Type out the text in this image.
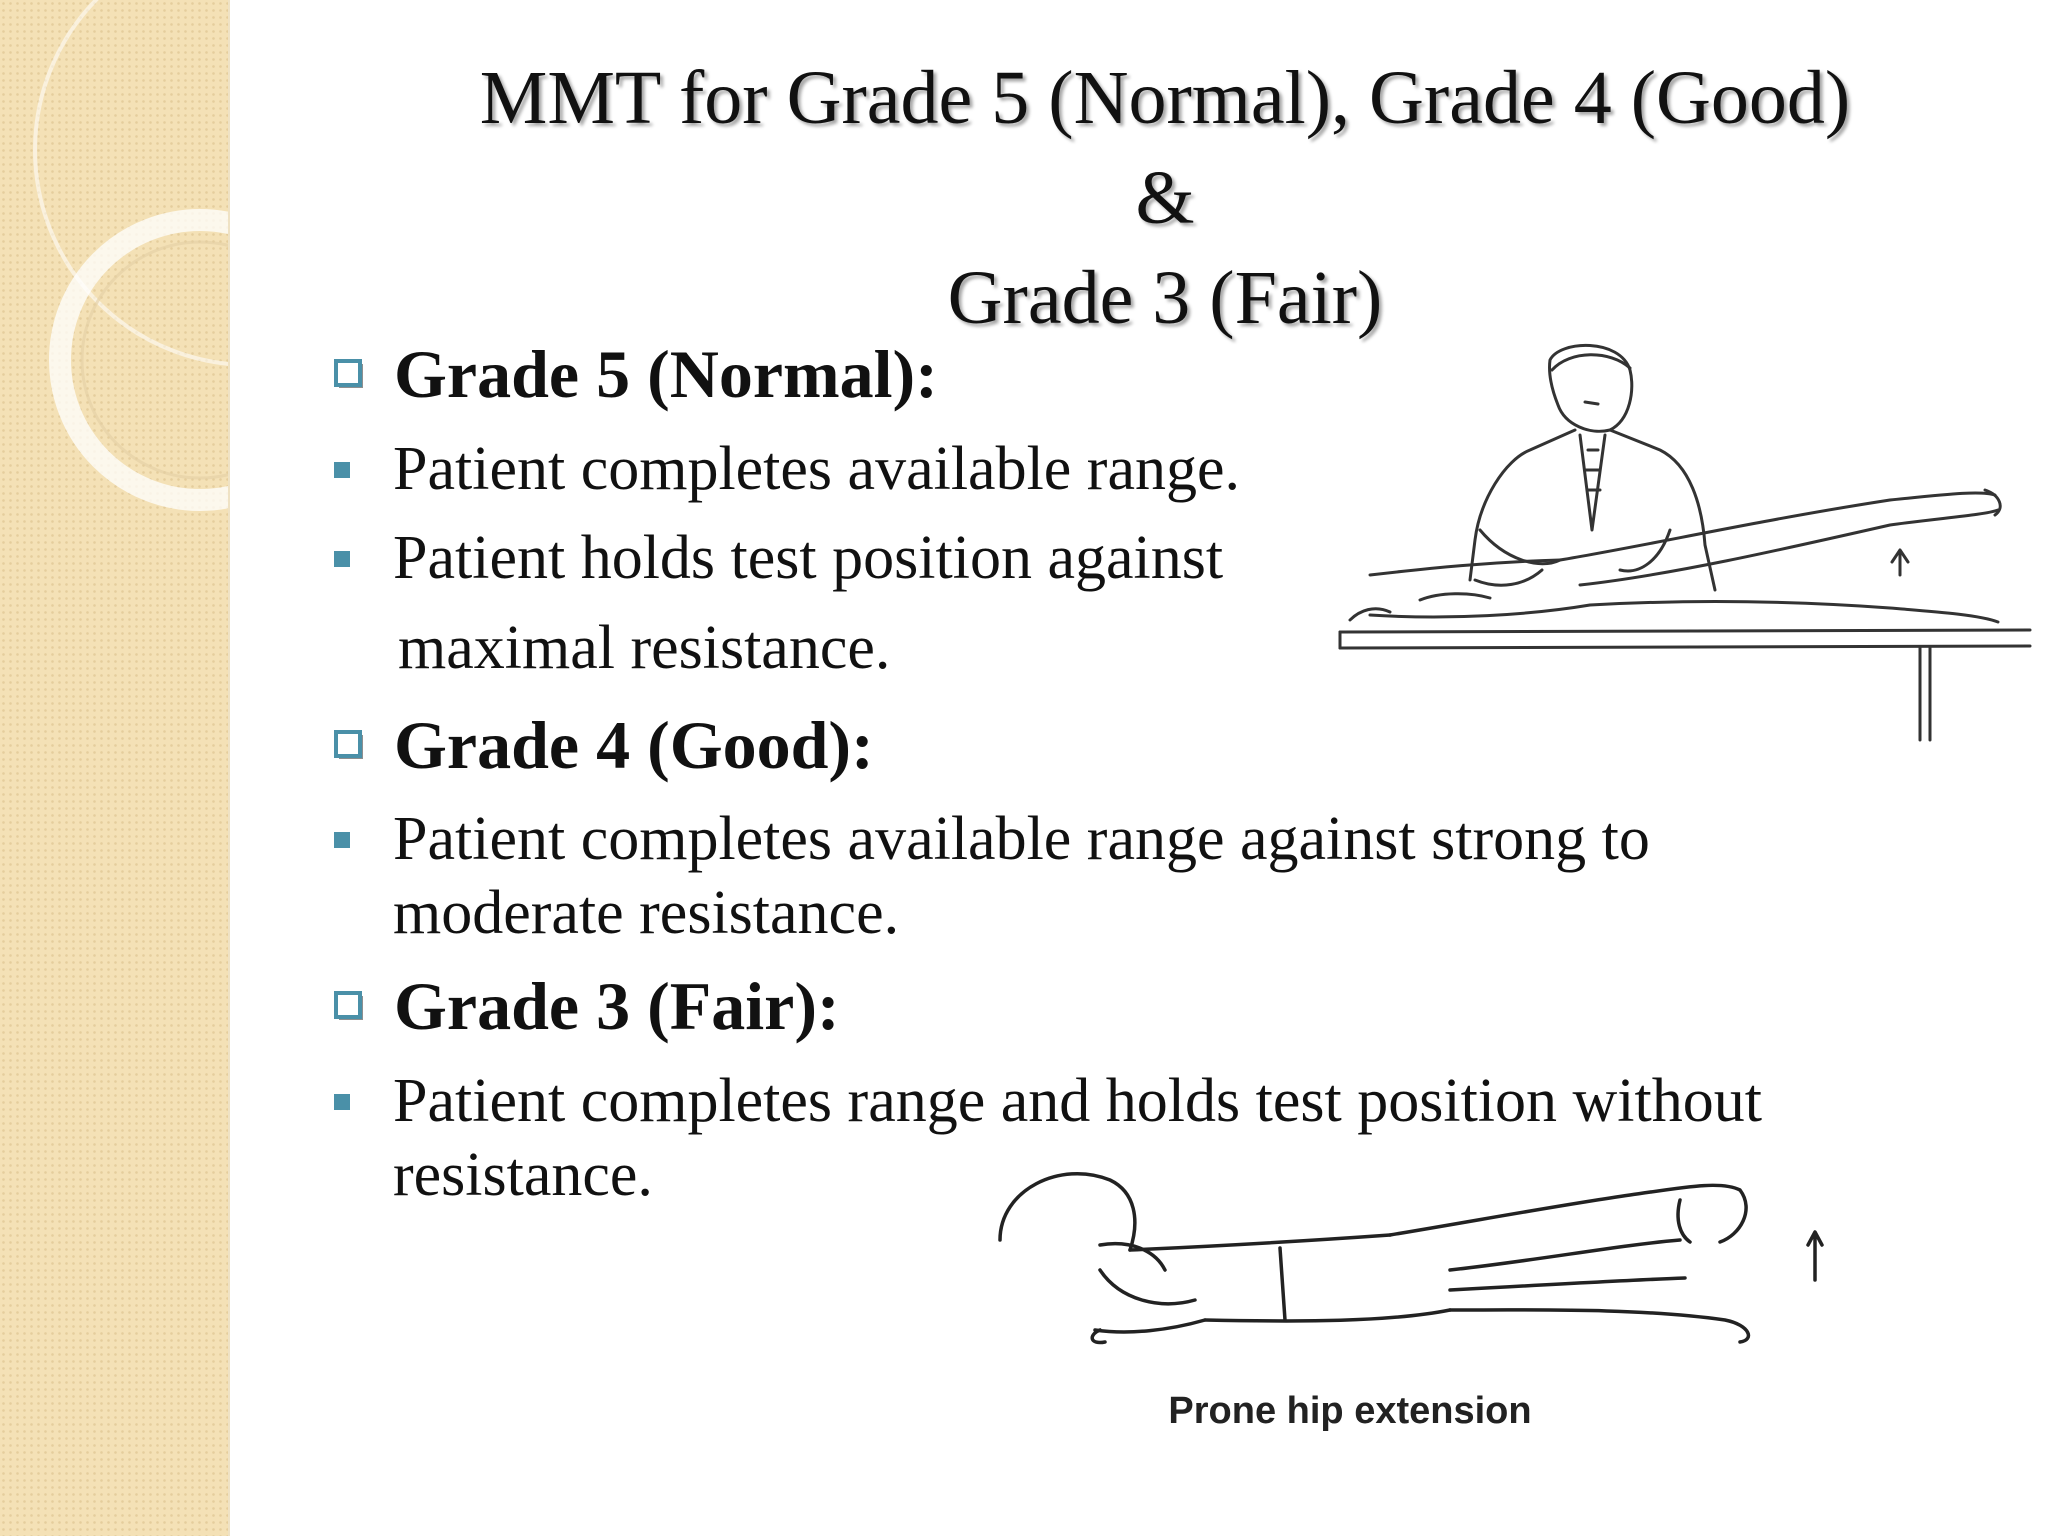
MMT for Grade 5 (Normal), Grade 4 (Good)
&
Grade 3 (Fair)
Grade 5 (Normal):
Patient completes available range.
Patient holds test position against
maximal resistance.
Grade 4 (Good):
Patient completes available range against strong to
moderate resistance.
Grade 3 (Fair):
Patient completes range and holds test position without
resistance.
Prone hip extension
